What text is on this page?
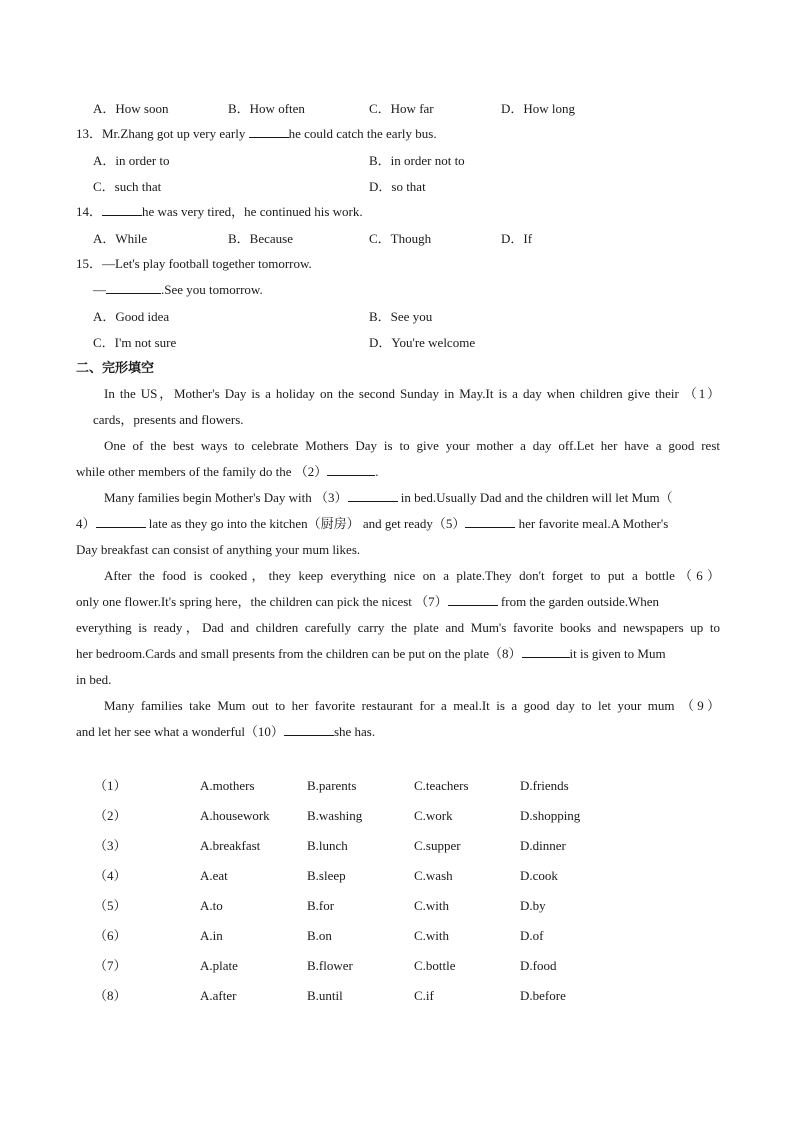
A．How soon	B．How often	C．How far	D．How long
13．Mr.Zhang got up very early	he could catch the early bus.
A．in order to	B．in order not to
C．such that	D．so that
14．	he was very tired，he continued his work.
A．While	B．Because	C．Though	D．If
15．—Let's play football together tomorrow.
—	.See you tomorrow.
A．Good idea	B．See you
C．I'm not sure	D．You're welcome
二、完形填空
In the US，Mother's Day is a holiday on the second Sunday in May.It is a day when children give their （1）
cards，presents and flowers.
One of the best ways to celebrate Mothers Day is to give your mother a day off.Let her have a good rest
while other members of the family do the （2）	.
Many families begin Mother's Day with （3）	in bed.Usually Dad and the children will let Mum（
4）	late as they go into the kitchen（厨房） and get ready（5）	her favorite meal.A Mother's
Day breakfast can consist of anything your mum likes.
After the food is cooked，they keep everything nice on a plate.They don't forget to put a bottle（6）
only one flower.It's spring here，the children can pick the nicest （7）	from the garden outside.When
everything is ready，Dad and children carefully carry the plate and Mum's favorite books and newspapers up to
her bedroom.Cards and small presents from the children can be put on the plate（8）	it is given to Mum
in bed.
Many families take Mum out to her favorite restaurant for a meal.It is a good day to let your mum （9）
and let her see what a wonderful（10）	she has.
（1）	A.mothers	B.parents	C.teachers	D.friends
（2）	A.housework	B.washing	C.work	D.shopping
（3）	A.breakfast	B.lunch	C.supper	D.dinner
（4）	A.eat	B.sleep	C.wash	D.cook
（5）	A.to	B.for	C.with	D.by
（6）	A.in	B.on	C.with	D.of
（7）	A.plate	B.flower	C.bottle	D.food
（8）	A.after	B.until	C.if	D.before
